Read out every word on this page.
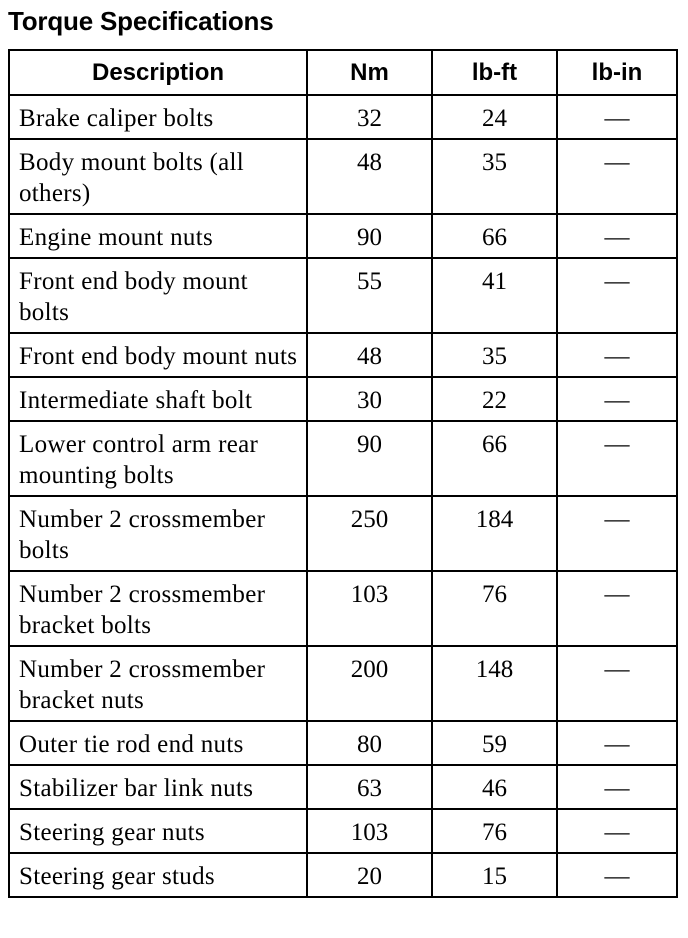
Torque Specifications
Description	Nm	lb-ft	lb-in
Brake caliper bolts	32	24	—
Body mount bolts (all others)	48	35	—
Engine mount nuts	90	66	—
Front end body mount bolts	55	41	—
Front end body mount nuts	48	35	—
Intermediate shaft bolt	30	22	—
Lower control arm rear mounting bolts	90	66	—
Number 2 crossmember bolts	250	184	—
Number 2 crossmember bracket bolts	103	76	—
Number 2 crossmember bracket nuts	200	148	—
Outer tie rod end nuts	80	59	—
Stabilizer bar link nuts	63	46	—
Steering gear nuts	103	76	—
Steering gear studs	20	15	—
